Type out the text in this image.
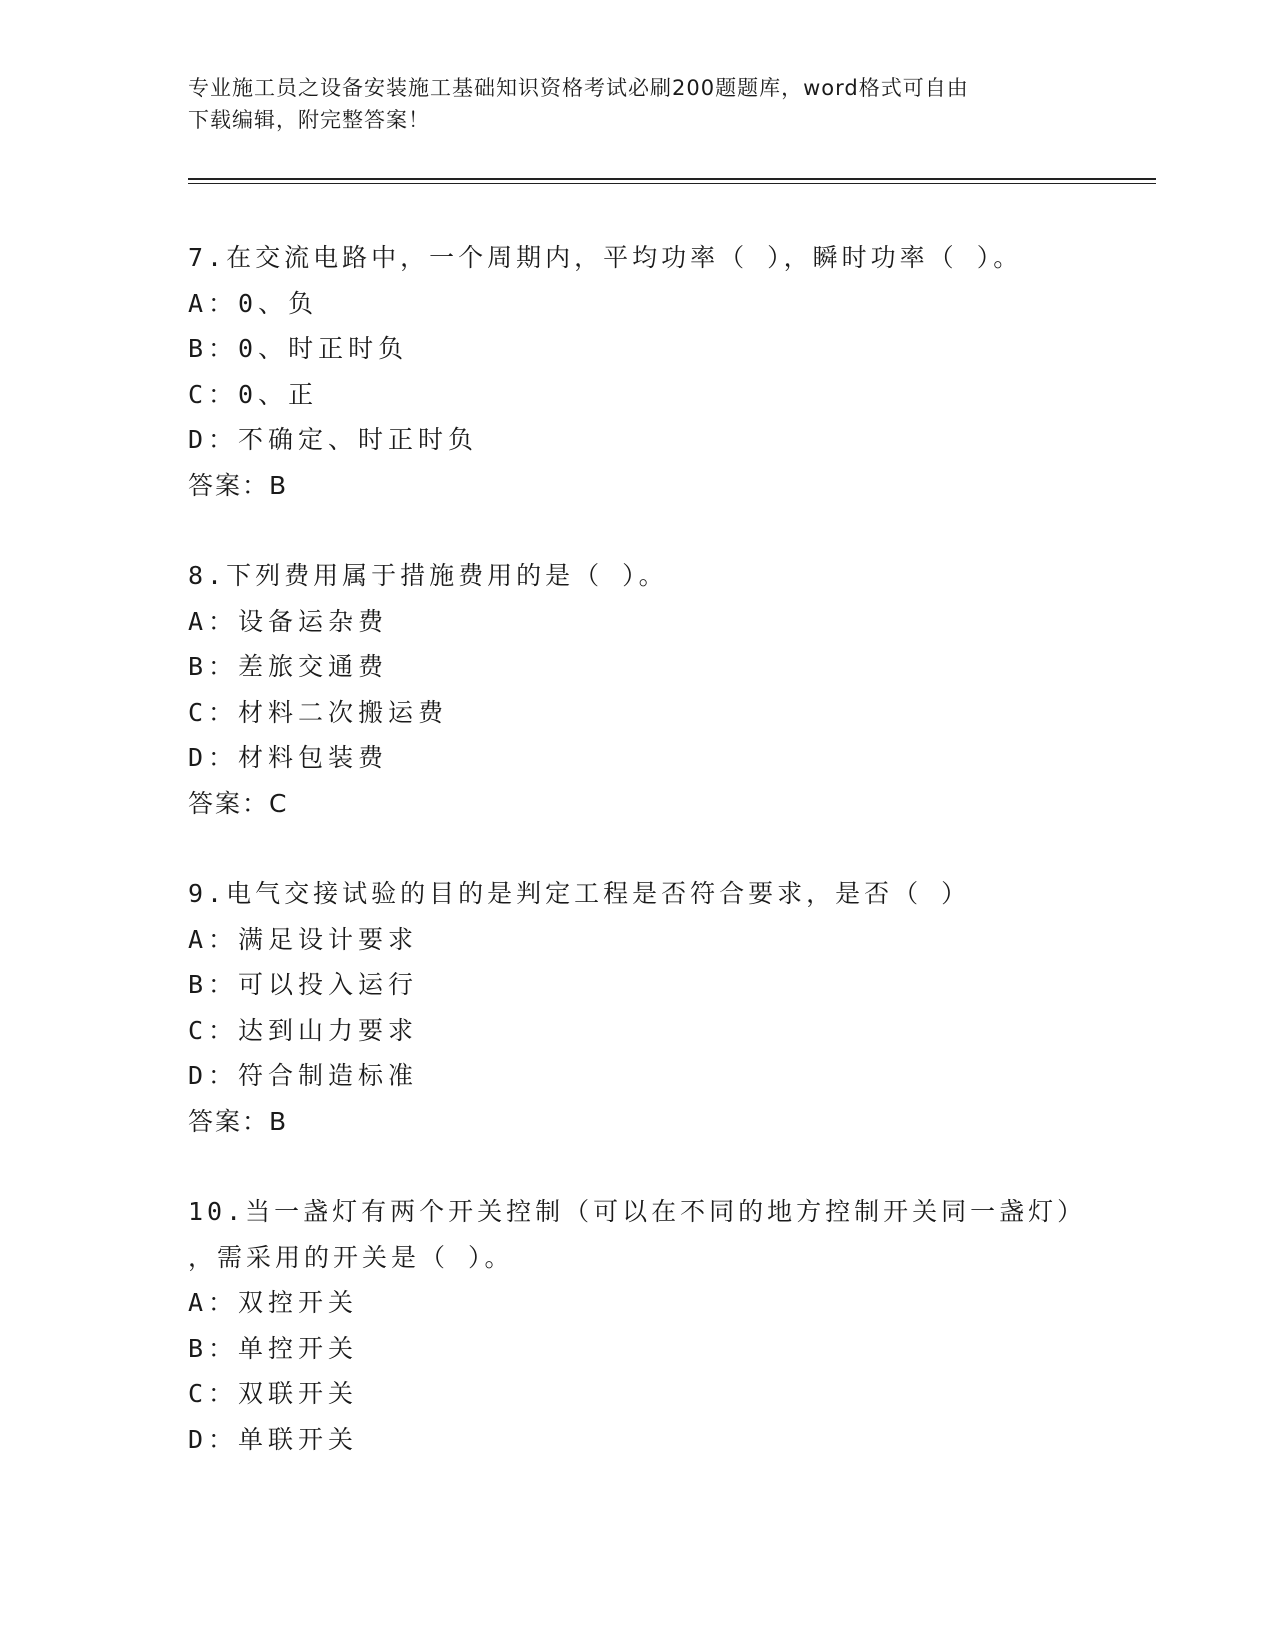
专业施工员之设备安装施工基础知识资格考试必刷200题题库，word格式可自由
下载编辑，附完整答案！
7.在交流电路中，一个周期内，平均功率（ ），瞬时功率（ ）。
A：0、负
B：0、时正时负
C：0、正
D：不确定、时正时负
答案：B
8.下列费用属于措施费用的是（ ）。
A：设备运杂费
B：差旅交通费
C：材料二次搬运费
D：材料包装费
答案：C
9.电气交接试验的目的是判定工程是否符合要求，是否（ ）
A：满足设计要求
B：可以投入运行
C：达到山力要求
D：符合制造标准
答案：B
10.当一盏灯有两个开关控制（可以在不同的地方控制开关同一盏灯）
，需采用的开关是（ ）。
A：双控开关
B：单控开关
C：双联开关
D：单联开关
